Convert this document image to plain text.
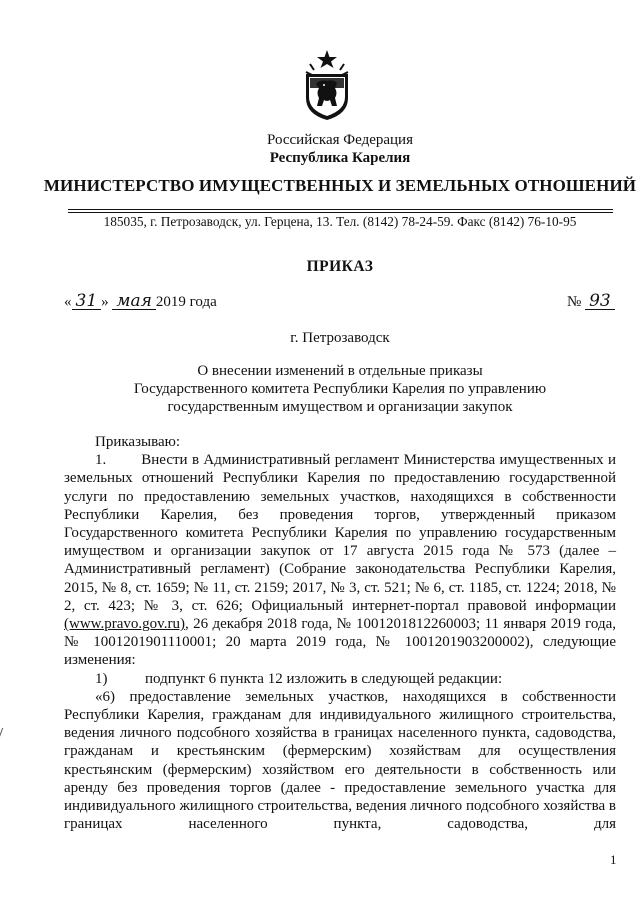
Российская Федерация
Республика Карелия
МИНИСТЕРСТВО ИМУЩЕСТВЕННЫХ И ЗЕМЕЛЬНЫХ ОТНОШЕНИЙ
185035, г. Петрозаводск, ул. Герцена, 13. Тел. (8142) 78-24-59. Факс (8142) 76-10-95
ПРИКАЗ
« 31 » мая 2019 года	№ 93
г. Петрозаводск
О внесении изменений в отдельные приказы
Государственного комитета Республики Карелия по управлению
государственным имуществом и организации закупок

Приказываю:

1.        Внести в Административный регламент Министерства имущественных и земельных отношений Республики Карелия по предоставлению государственной услуги по предоставлению земельных участков, находящихся в собственности Республики Карелия, без проведения торгов, утвержденный приказом Государственного комитета Республики Карелия по управлению государственным имуществом и организации закупок от 17 августа 2015 года № 573 (далее – Административный регламент) (Собрание законодательства Республики Карелия, 2015, № 8, ст. 1659; № 11, ст. 2159; 2017, № 3, ст. 521; № 6, ст. 1185, ст. 1224; 2018, № 2, ст. 423; № 3, ст. 626; Официальный интернет-портал правовой информации (www.pravo.gov.ru), 26 декабря 2018 года, № 1001201812260003; 11 января 2019 года, № 1001201901110001; 20 марта 2019 года, № 1001201903200002), следующие изменения:

1)          подпункт 6 пункта 12 изложить в следующей редакции:

«6) предоставление земельных участков, находящихся в собственности Республики Карелия, гражданам для индивидуального жилищного строительства, ведения личного подсобного хозяйства в границах населенного пункта, садоводства, гражданам и крестьянским (фермерским) хозяйствам для осуществления крестьянским (фермерским) хозяйством его деятельности в собственность или аренду без проведения торгов (далее - предоставление земельного участка для индивидуального жилищного строительства, ведения личного подсобного хозяйства в границах населенного пункта, садоводства, для

1
